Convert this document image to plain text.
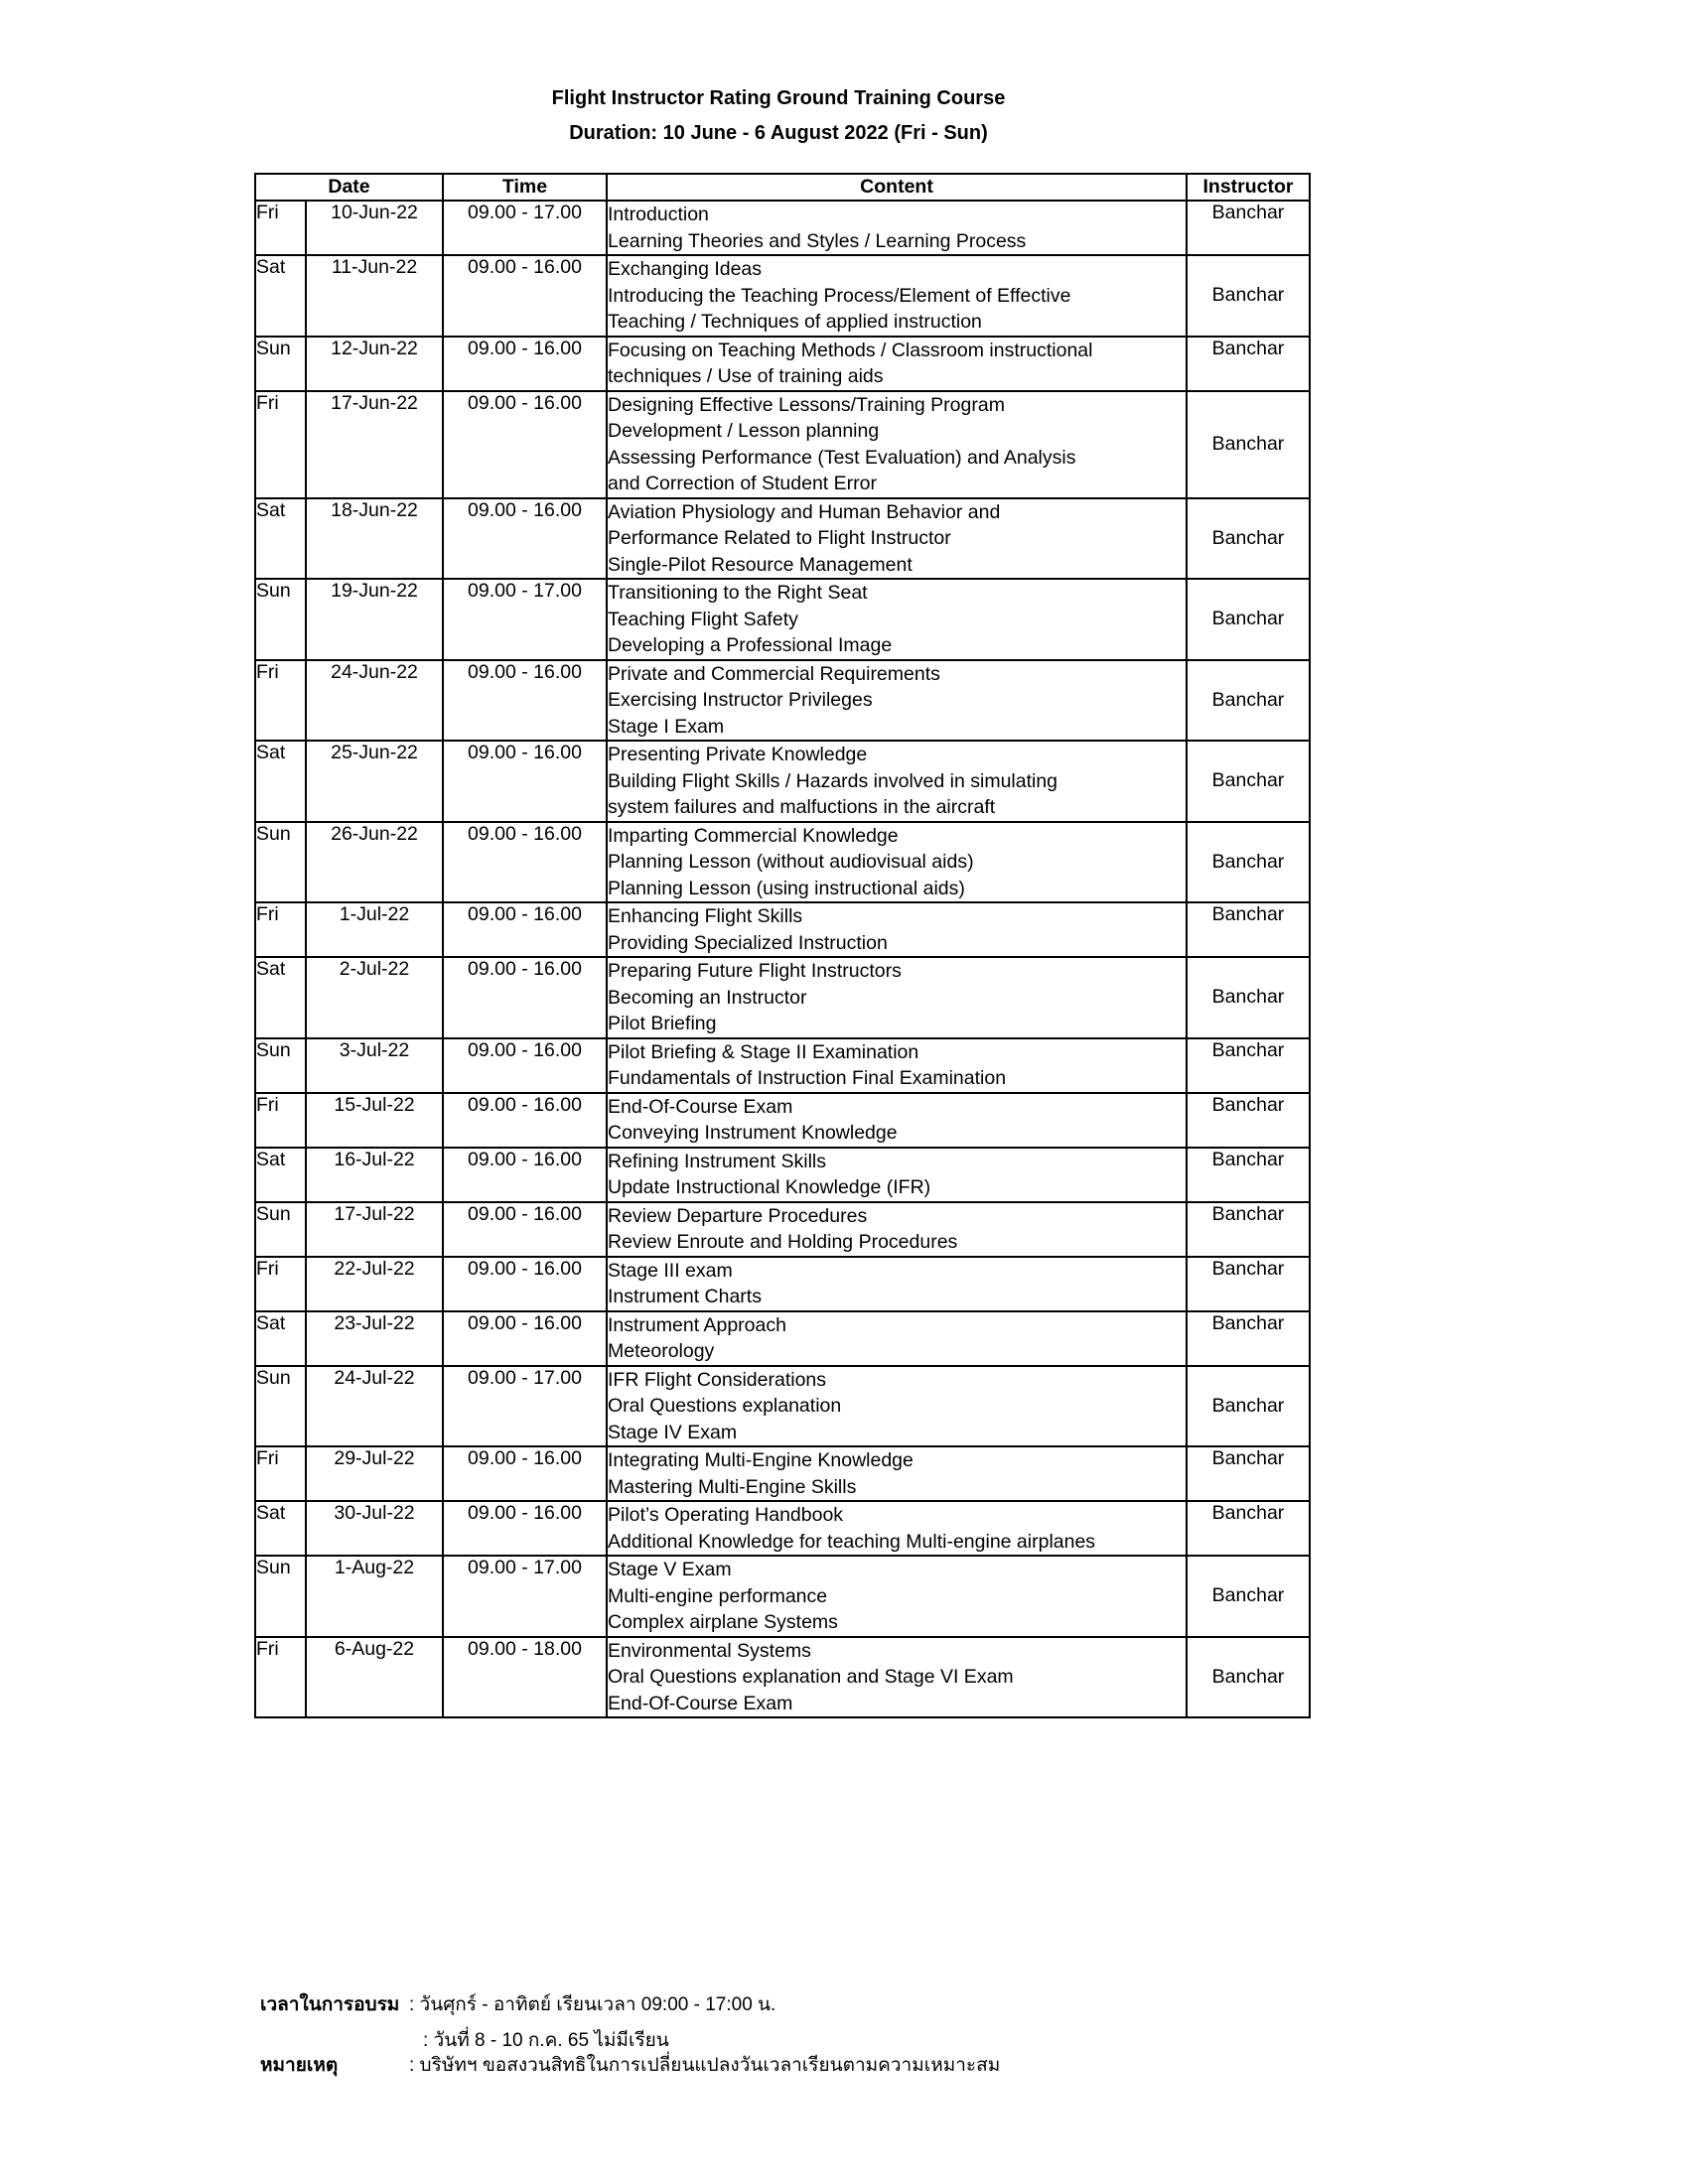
Flight Instructor Rating Ground Training Course
Duration: 10 June - 6 August 2022 (Fri - Sun)
Date		Time	Content	Instructor
Fri	10-Jun-22	09.00 - 17.00	Introduction
Learning Theories and Styles / Learning Process	Banchar
Sat	11-Jun-22	09.00 - 16.00	Exchanging Ideas
Introducing the Teaching Process/Element of Effective
Teaching / Techniques of applied instruction	Banchar
Sun	12-Jun-22	09.00 - 16.00	Focusing on Teaching Methods / Classroom instructional
techniques / Use of training aids	Banchar
Fri	17-Jun-22	09.00 - 16.00	Designing Effective Lessons/Training Program
Development / Lesson planning
Assessing Performance (Test Evaluation) and Analysis
and Correction of Student Error	Banchar
Sat	18-Jun-22	09.00 - 16.00	Aviation Physiology and Human Behavior and
Performance Related to Flight Instructor
Single-Pilot Resource Management	Banchar
Sun	19-Jun-22	09.00 - 17.00	Transitioning to the Right Seat
Teaching Flight Safety
Developing a Professional Image	Banchar
Fri	24-Jun-22	09.00 - 16.00	Private and Commercial Requirements
Exercising Instructor Privileges
Stage I Exam	Banchar
Sat	25-Jun-22	09.00 - 16.00	Presenting Private Knowledge
Building Flight Skills / Hazards involved in simulating
system failures and malfuctions in the aircraft	Banchar
Sun	26-Jun-22	09.00 - 16.00	Imparting Commercial Knowledge
Planning Lesson (without audiovisual aids)
Planning Lesson (using instructional aids)	Banchar
Fri	1-Jul-22	09.00 - 16.00	Enhancing Flight Skills
Providing Specialized Instruction	Banchar
Sat	2-Jul-22	09.00 - 16.00	Preparing Future Flight Instructors
Becoming an Instructor
Pilot Briefing	Banchar
Sun	3-Jul-22	09.00 - 16.00	Pilot Briefing & Stage II Examination
Fundamentals of Instruction Final Examination	Banchar
Fri	15-Jul-22	09.00 - 16.00	End-Of-Course Exam
Conveying Instrument Knowledge	Banchar
Sat	16-Jul-22	09.00 - 16.00	Refining Instrument Skills
Update Instructional Knowledge (IFR)	Banchar
Sun	17-Jul-22	09.00 - 16.00	Review Departure Procedures
Review Enroute and Holding Procedures	Banchar
Fri	22-Jul-22	09.00 - 16.00	Stage III exam
Instrument Charts	Banchar
Sat	23-Jul-22	09.00 - 16.00	Instrument Approach
Meteorology	Banchar
Sun	24-Jul-22	09.00 - 17.00	IFR Flight Considerations
Oral Questions explanation
Stage IV Exam	Banchar
Fri	29-Jul-22	09.00 - 16.00	Integrating Multi-Engine Knowledge
Mastering Multi-Engine Skills	Banchar
Sat	30-Jul-22	09.00 - 16.00	Pilot’s Operating Handbook
Additional Knowledge for teaching Multi-engine airplanes	Banchar
Sun	1-Aug-22	09.00 - 17.00	Stage V Exam
Multi-engine performance
Complex airplane Systems	Banchar
Fri	6-Aug-22	09.00 - 18.00	Environmental Systems
Oral Questions explanation and Stage VI Exam
End-Of-Course Exam	Banchar
เวลาในการอบรม : วันศุกร์ - อาทิตย์ เรียนเวลา 09:00 - 17:00 น.
: วันที่ 8 - 10 ก.ค. 65 ไม่มีเรียน
หมายเหตุ	: บริษัทฯ ขอสงวนสิทธิในการเปลี่ยนแปลงวันเวลาเรียนตามความเหมาะสม
